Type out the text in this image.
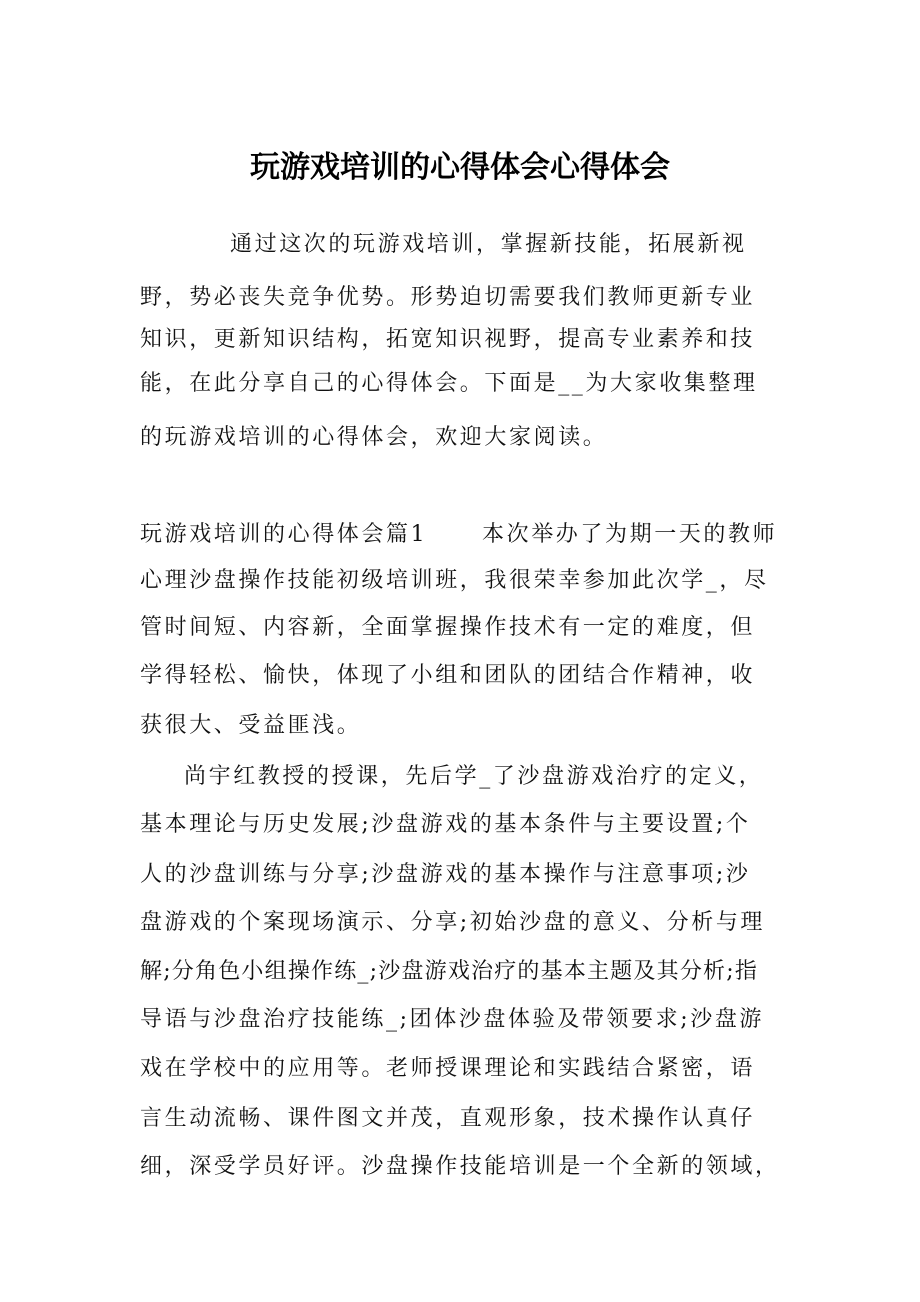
玩游戏培训的心得体会心得体会
通过这次的玩游戏培训，掌握新技能，拓展新视
野，势必丧失竞争优势。形势迫切需要我们教师更新专业
知识，更新知识结构，拓宽知识视野，提高专业素养和技
能，在此分享自己的心得体会。下面是__为大家收集整理
的玩游戏培训的心得体会，欢迎大家阅读。
玩游戏培训的心得体会篇1 本次举办了为期一天的教师
心理沙盘操作技能初级培训班，我很荣幸参加此次学_，尽
管时间短、内容新，全面掌握操作技术有一定的难度，但
学得轻松、愉快，体现了小组和团队的团结合作精神，收
获很大、受益匪浅。
尚宇红教授的授课，先后学_了沙盘游戏治疗的定义，
基本理论与历史发展;沙盘游戏的基本条件与主要设置;个
人的沙盘训练与分享;沙盘游戏的基本操作与注意事项;沙
盘游戏的个案现场演示、分享;初始沙盘的意义、分析与理
解;分角色小组操作练_;沙盘游戏治疗的基本主题及其分析;指
导语与沙盘治疗技能练_;团体沙盘体验及带领要求;沙盘游
戏在学校中的应用等。老师授课理论和实践结合紧密，语
言生动流畅、课件图文并茂，直观形象，技术操作认真仔
细，深受学员好评。沙盘操作技能培训是一个全新的领域，
